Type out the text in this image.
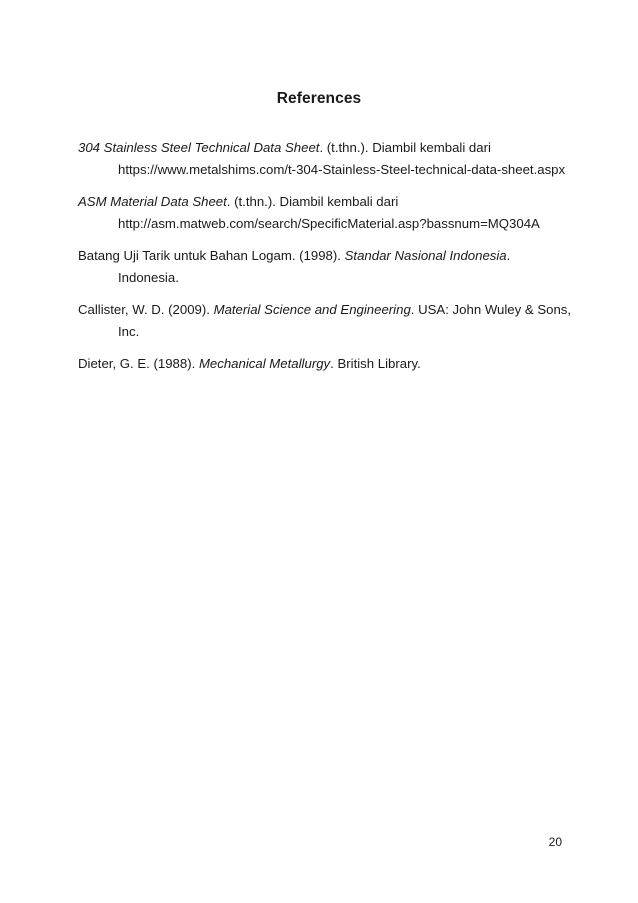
References

304 Stainless Steel Technical Data Sheet. (t.thn.). Diambil kembali dari https://www.metalshims.com/t-304-Stainless-Steel-technical-data-sheet.aspx

ASM Material Data Sheet. (t.thn.). Diambil kembali dari http://asm.matweb.com/search/SpecificMaterial.asp?bassnum=MQ304A

Batang Uji Tarik untuk Bahan Logam. (1998). Standar Nasional Indonesia. Indonesia.

Callister, W. D. (2009). Material Science and Engineering. USA: John Wuley & Sons, Inc.

Dieter, G. E. (1988). Mechanical Metallurgy. British Library.

20
